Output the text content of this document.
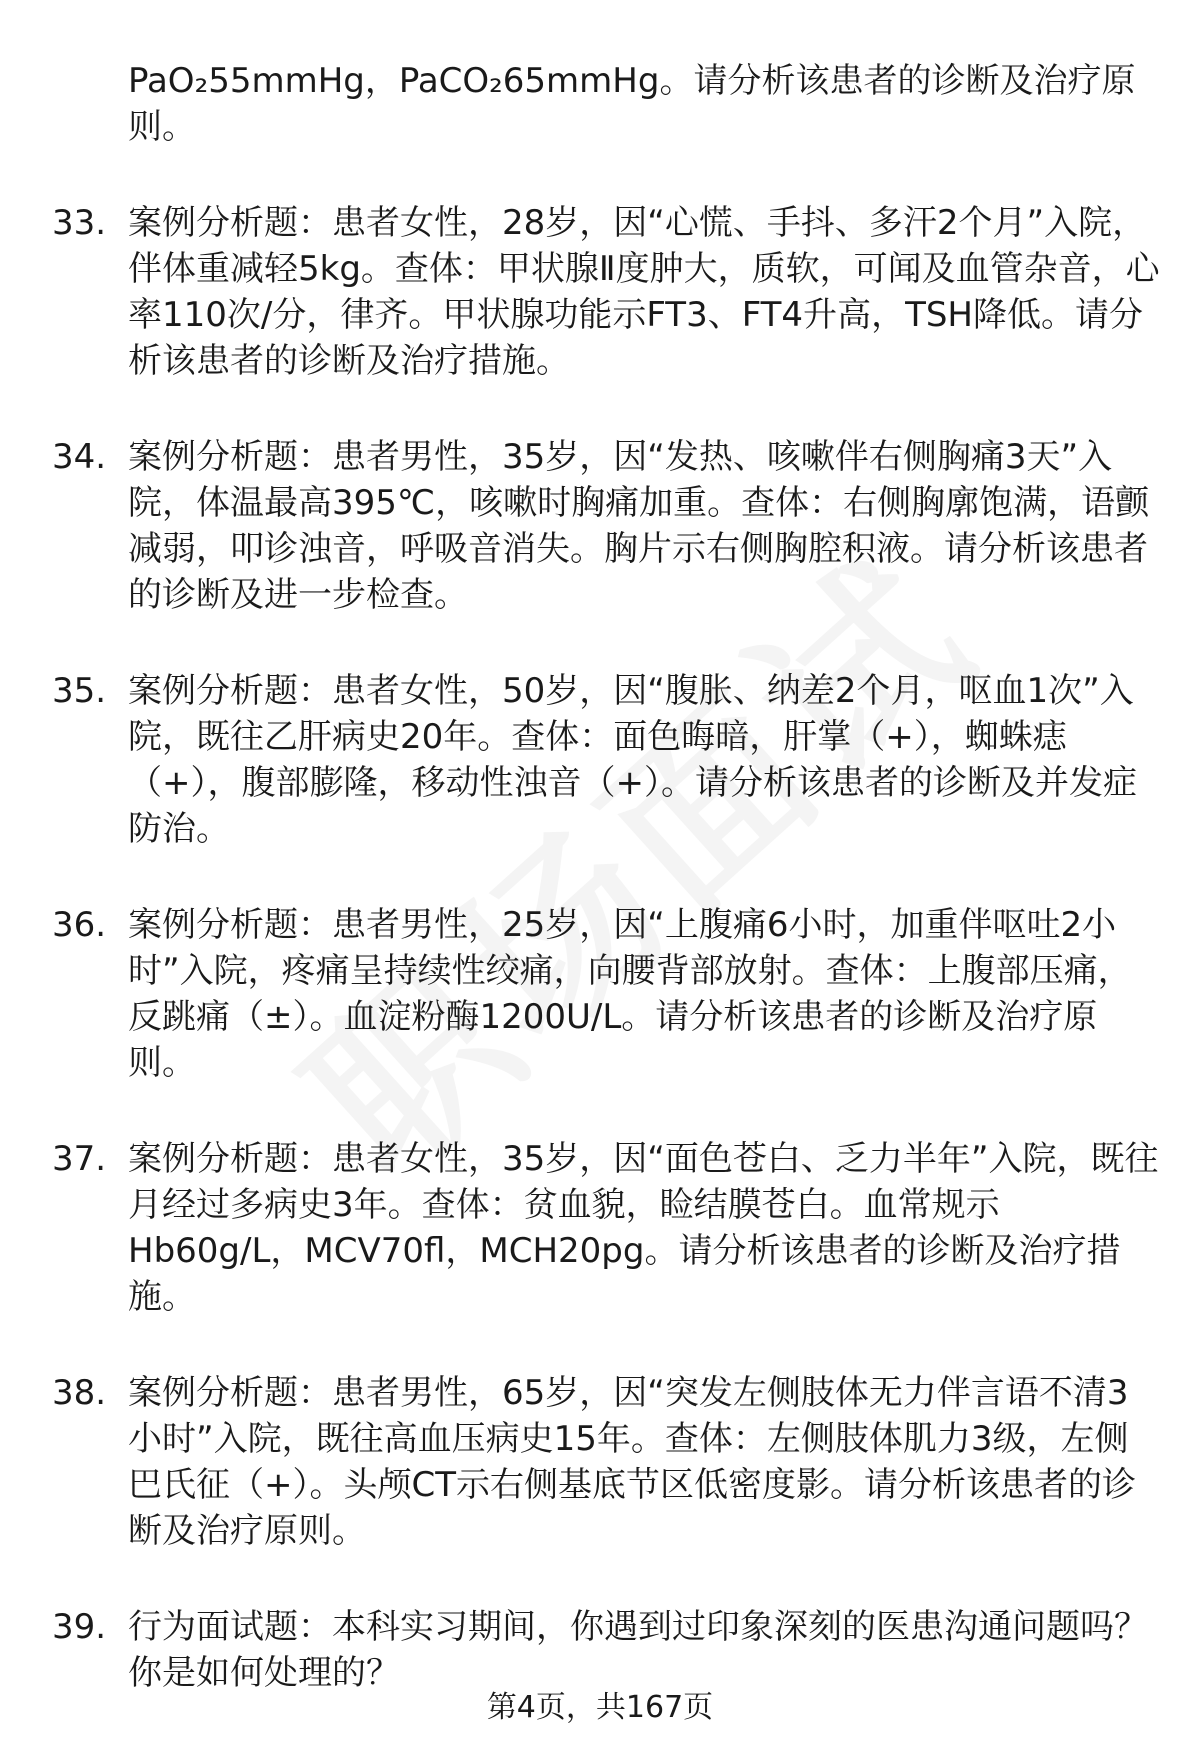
PaO₂55mmHg，PaCO₂65mmHg。请分析该患者的诊断及治疗原则。
33. 案例分析题：患者女性，28岁，因“心慌、手抖、多汗2个月”入院，伴体重减轻5kg。查体：甲状腺Ⅱ度肿大，质软，可闻及血管杂音，心率110次/分，律齐。甲状腺功能示FT3、FT4升高，TSH降低。请分析该患者的诊断及治疗措施。
34. 案例分析题：患者男性，35岁，因“发热、咳嗽伴右侧胸痛3天”入院，体温最高395℃，咳嗽时胸痛加重。查体：右侧胸廓饱满，语颤减弱，叩诊浊音，呼吸音消失。胸片示右侧胸腔积液。请分析该患者的诊断及进一步检查。
35. 案例分析题：患者女性，50岁，因“腹胀、纳差2个月，呕血1次”入院，既往乙肝病史20年。查体：面色晦暗，肝掌（+），蜘蛛痣（+），腹部膨隆，移动性浊音（+）。请分析该患者的诊断及并发症防治。
36. 案例分析题：患者男性，25岁，因“上腹痛6小时，加重伴呕吐2小时”入院，疼痛呈持续性绞痛，向腰背部放射。查体：上腹部压痛，反跳痛（±）。血淀粉酶1200U/L。请分析该患者的诊断及治疗原则。
37. 案例分析题：患者女性，35岁，因“面色苍白、乏力半年”入院，既往月经过多病史3年。查体：贫血貌，睑结膜苍白。血常规示Hb60g/L，MCV70fl，MCH20pg。请分析该患者的诊断及治疗措施。
38. 案例分析题：患者男性，65岁，因“突发左侧肢体无力伴言语不清3小时”入院，既往高血压病史15年。查体：左侧肢体肌力3级，左侧巴氏征（+）。头颅CT示右侧基底节区低密度影。请分析该患者的诊断及治疗原则。
39. 行为面试题：本科实习期间，你遇到过印象深刻的医患沟通问题吗？你是如何处理的？
第4页，共167页
